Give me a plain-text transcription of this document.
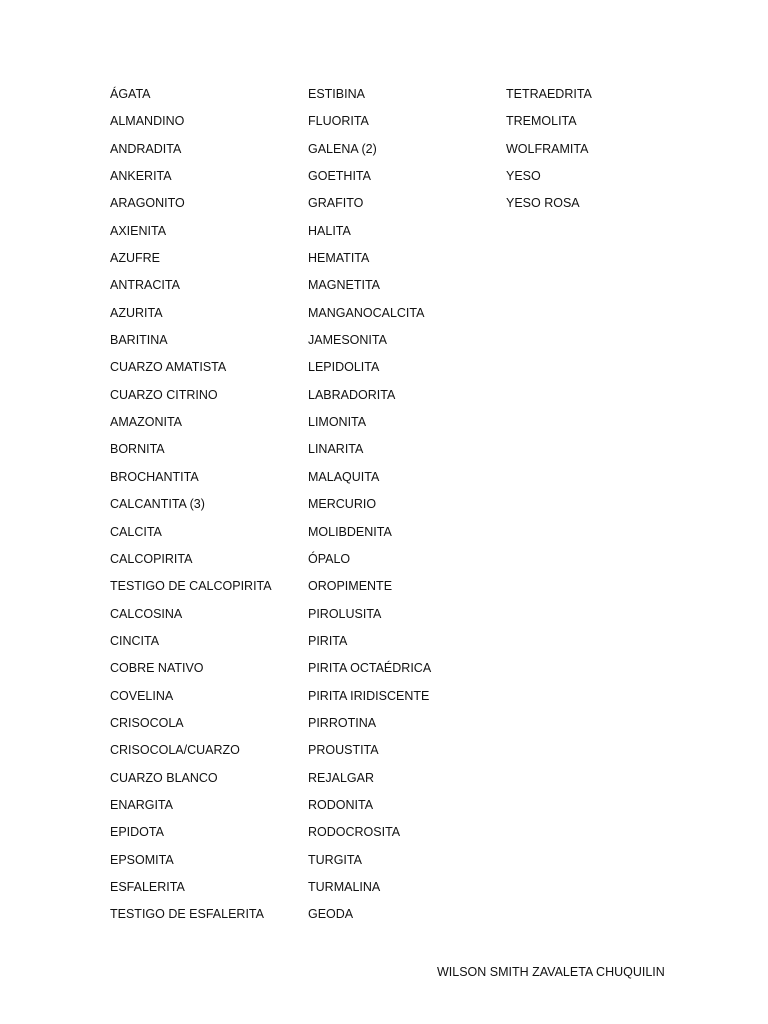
ÁGATA
ALMANDINO
ANDRADITA
ANKERITA
ARAGONITO
AXIENITA
AZUFRE
ANTRACITA
AZURITA
BARITINA
CUARZO AMATISTA
CUARZO CITRINO
AMAZONITA
BORNITA
BROCHANTITA
CALCANTITA (3)
CALCITA
CALCOPIRITA
TESTIGO DE CALCOPIRITA
CALCOSINA
CINCITA
COBRE NATIVO
COVELINA
CRISOCOLA
CRISOCOLA/CUARZO
CUARZO BLANCO
ENARGITA
EPIDOTA
EPSOMITA
ESFALERITA
TESTIGO DE ESFALERITA
ESTIBINA
FLUORITA
GALENA (2)
GOETHITA
GRAFITO
HALITA
HEMATITA
MAGNETITA
MANGANOCALCITA
JAMESONITA
LEPIDOLITA
LABRADORITA
LIMONITA
LINARITA
MALAQUITA
MERCURIO
MOLIBDENITA
ÓPALO
OROPIMENTE
PIROLUSITA
PIRITA
PIRITA OCTAÉDRICA
PIRITA IRIDISCENTE
PIRROTINA
PROUSTITA
REJALGAR
RODONITA
RODOCROSITA
TURGITA
TURMALINA
GEODA
TETRAEDRITA
TREMOLITA
WOLFRAMITA
YESO
YESO ROSA
WILSON SMITH ZAVALETA CHUQUILIN
